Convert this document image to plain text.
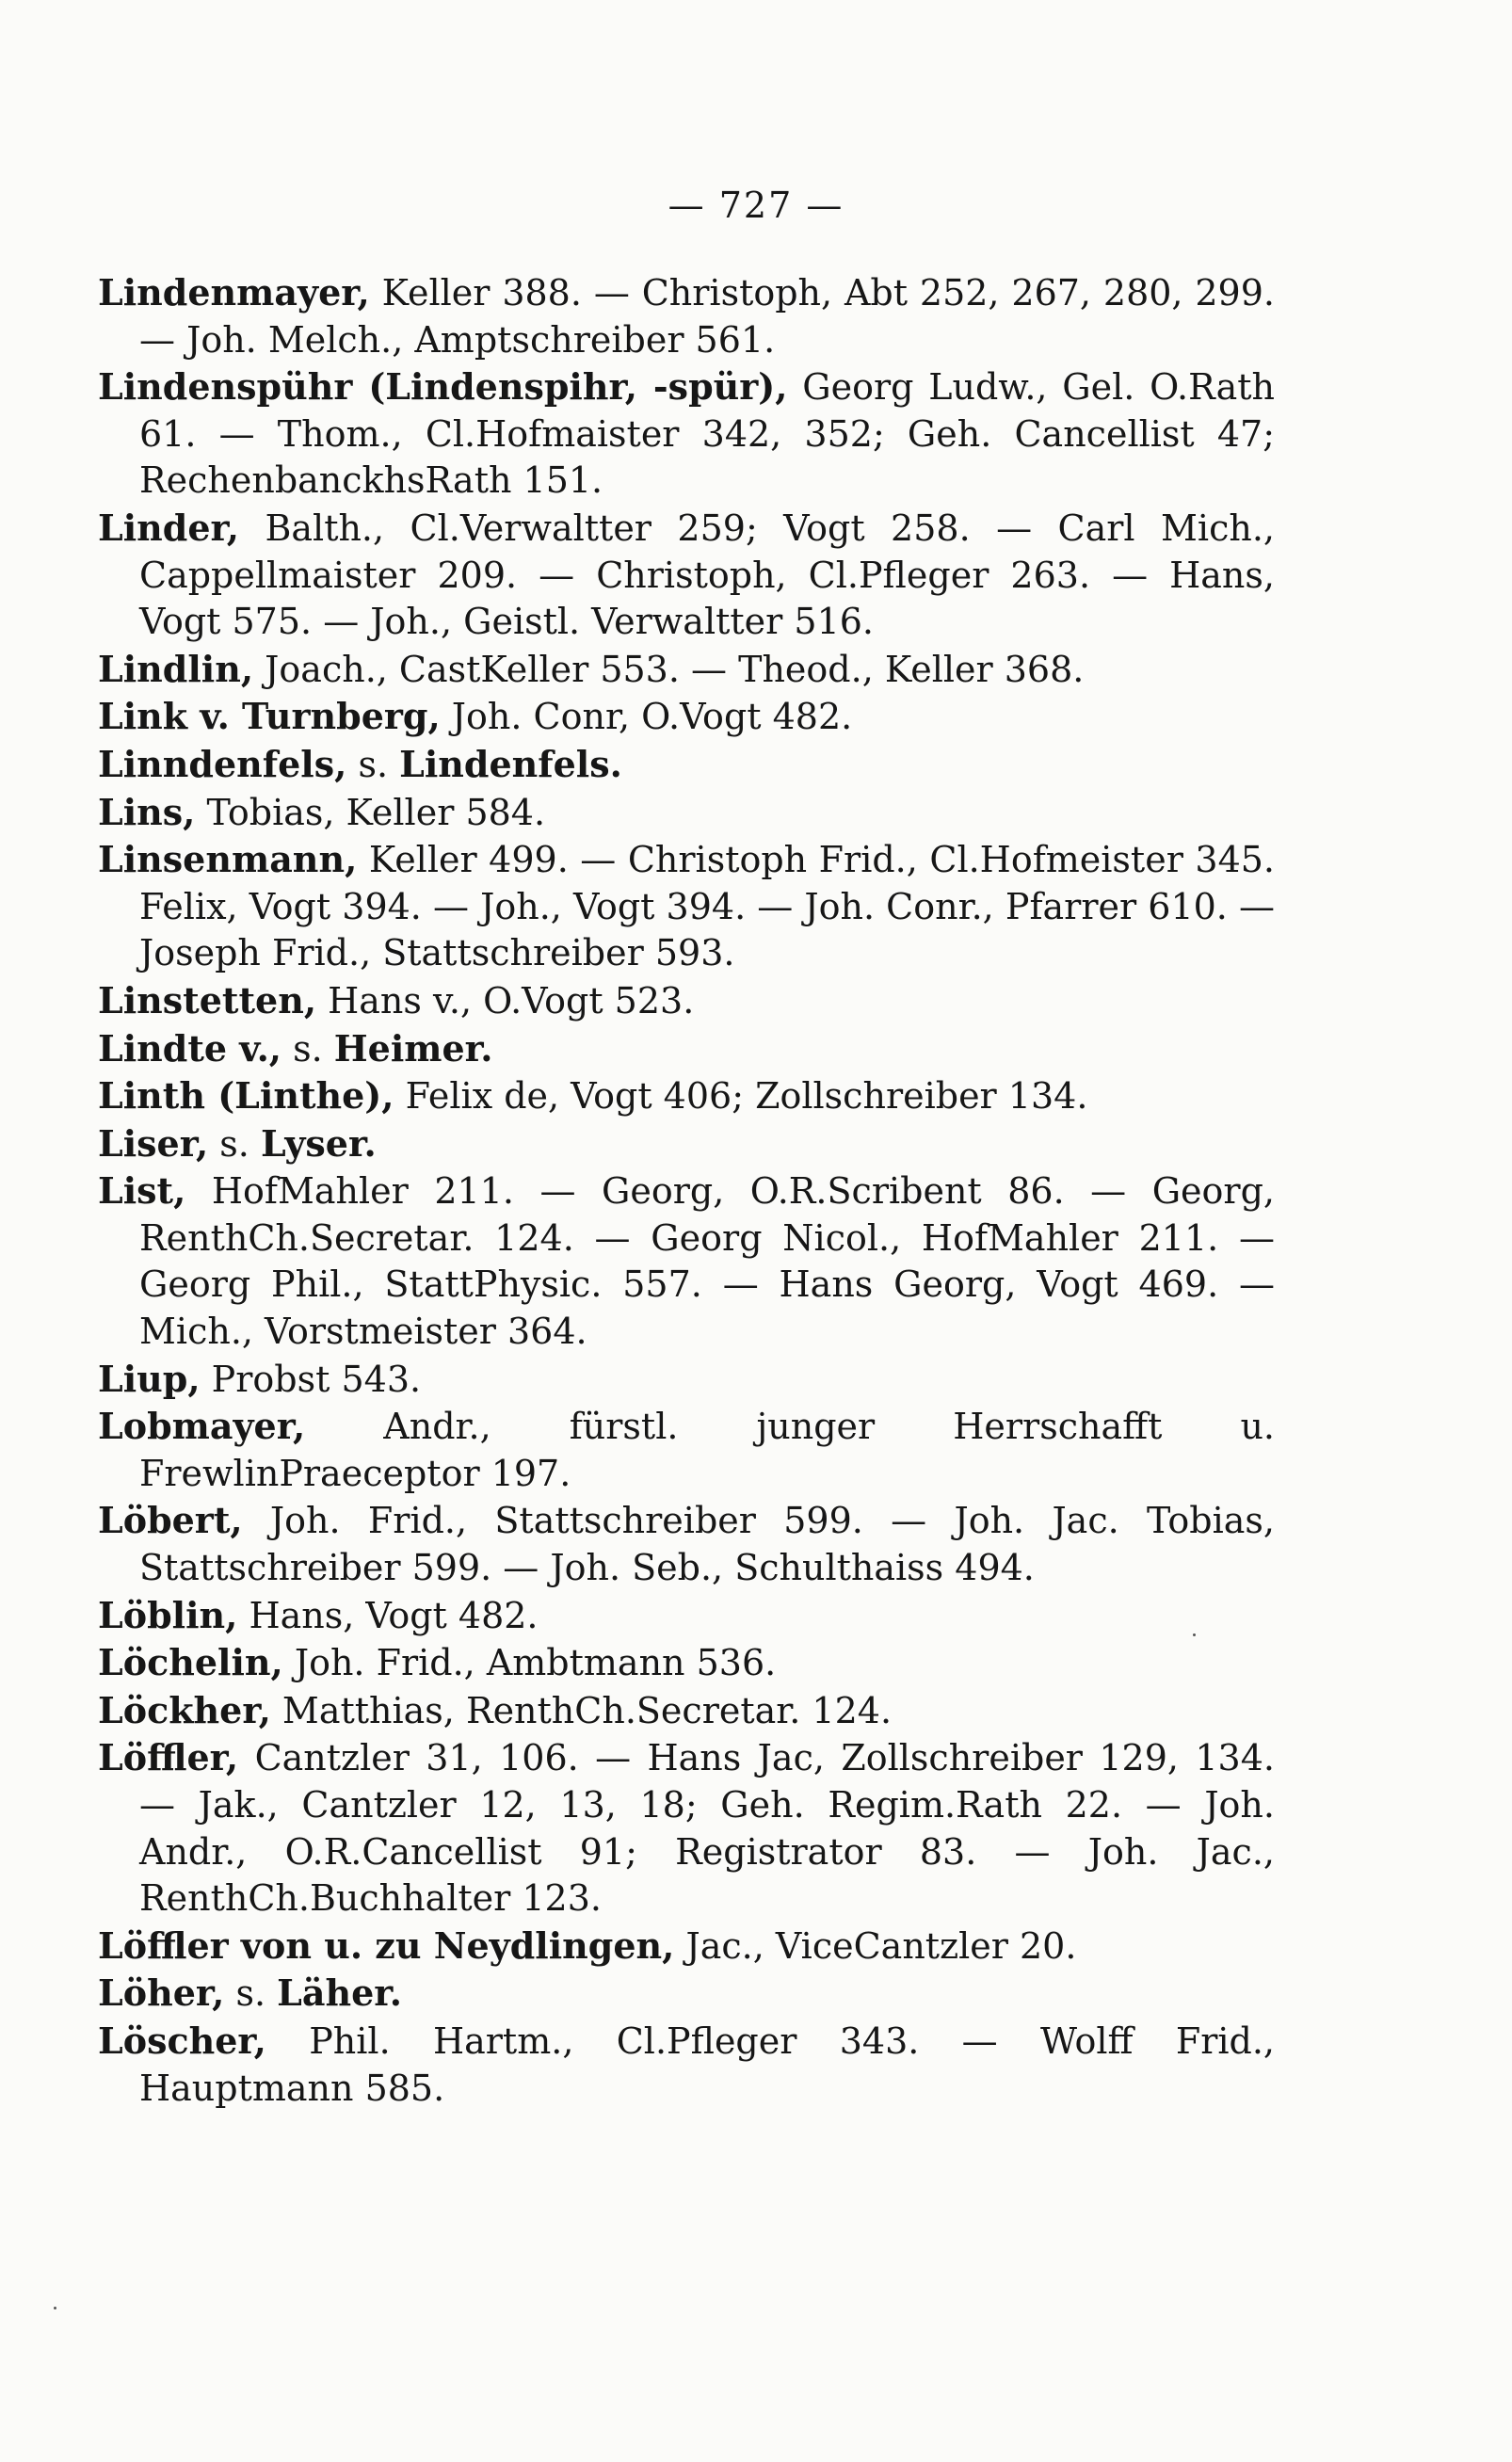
— 727 —
Lindenmayer, Keller 388. — Christoph, Abt 252, 267, 280, 299. — Joh. Melch., Amptschreiber 561.
Lindenspühr (Lindenspihr, -spür), Georg Ludw., Gel. O.Rath 61. — Thom., Cl.Hofmaister 342, 352; Geh. Cancellist 47; RechenbanckhsRath 151.
Linder, Balth., Cl.Verwaltter 259; Vogt 258. — Carl Mich., Cappellmaister 209. — Christoph, Cl.Pfleger 263. — Hans, Vogt 575. — Joh., Geistl. Verwaltter 516.
Lindlin, Joach., CastKeller 553. — Theod., Keller 368.
Link v. Turnberg, Joh. Conr, O.Vogt 482.
Linndenfels, s. Lindenfels.
Lins, Tobias, Keller 584.
Linsenmann, Keller 499. — Christoph Frid., Cl.Hofmeister 345. Felix, Vogt 394. — Joh., Vogt 394. — Joh. Conr., Pfarrer 610. — Joseph Frid., Stattschreiber 593.
Linstetten, Hans v., O.Vogt 523.
Lindte v., s. Heimer.
Linth (Linthe), Felix de, Vogt 406; Zollschreiber 134.
Liser, s. Lyser.
List, HofMahler 211. — Georg, O.R.Scribent 86. — Georg, RenthCh.Secretar. 124. — Georg Nicol., HofMahler 211. — Georg Phil., StattPhysic. 557. — Hans Georg, Vogt 469. — Mich., Vorstmeister 364.
Liup, Probst 543.
Lobmayer, Andr., fürstl. junger Herrschafft u. FrewlinPraeceptor 197.
Löbert, Joh. Frid., Stattschreiber 599. — Joh. Jac. Tobias, Stattschreiber 599. — Joh. Seb., Schulthaiss 494.
Löblin, Hans, Vogt 482.
Löchelin, Joh. Frid., Ambtmann 536.
Löckher, Matthias, RenthCh.Secretar. 124.
Löffler, Cantzler 31, 106. — Hans Jac, Zollschreiber 129, 134. — Jak., Cantzler 12, 13, 18; Geh. Regim.Rath 22. — Joh. Andr., O.R.Cancellist 91; Registrator 83. — Joh. Jac., RenthCh.Buchhalter 123.
Löffler von u. zu Neydlingen, Jac., ViceCantzler 20.
Löher, s. Läher.
Löscher, Phil. Hartm., Cl.Pfleger 343. — Wolff Frid., Hauptmann 585.
